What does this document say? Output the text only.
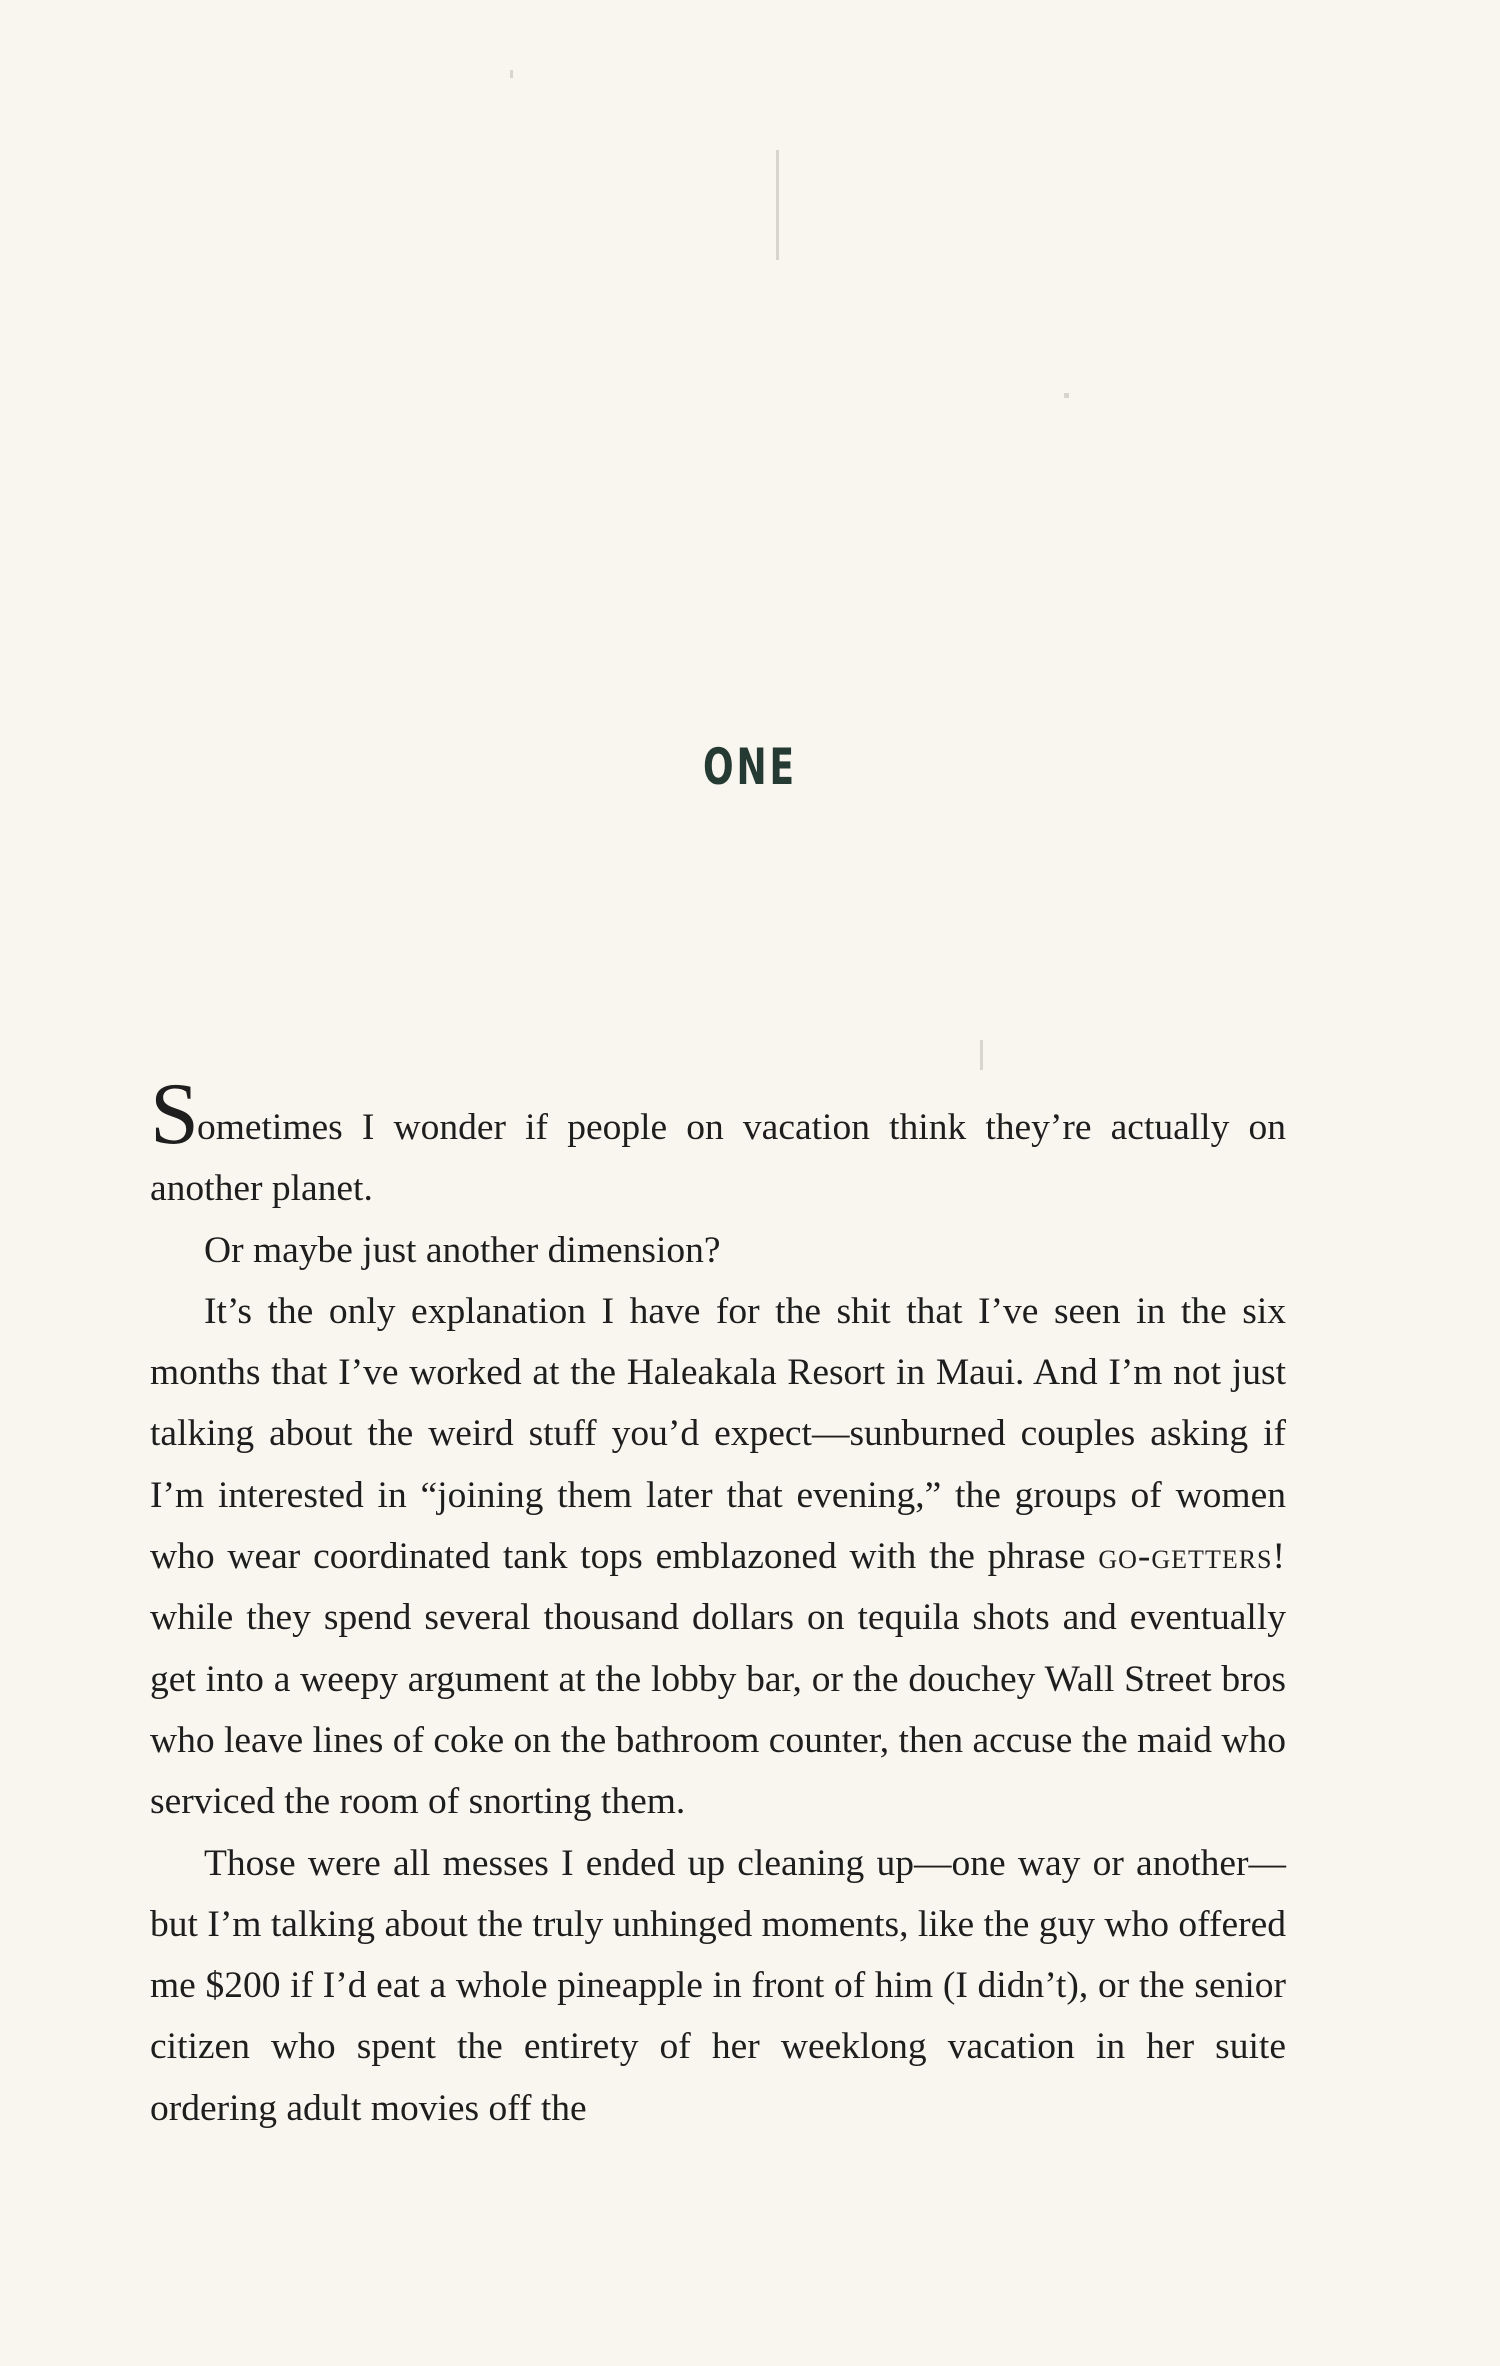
ONE

Sometimes I wonder if people on vacation think they’re actually on another planet.

Or maybe just another dimension?

It’s the only explanation I have for the shit that I’ve seen in the six months that I’ve worked at the Haleakala Resort in Maui. And I’m not just talking about the weird stuff you’d expect—sunburned couples asking if I’m interested in “joining them later that evening,” the groups of women who wear coordinated tank tops emblazoned with the phrase go-getters! while they spend several thousand dollars on tequila shots and eventually get into a weepy argument at the lobby bar, or the douchey Wall Street bros who leave lines of coke on the bathroom counter, then accuse the maid who serviced the room of snorting them.

Those were all messes I ended up cleaning up—one way or another—but I’m talking about the truly unhinged moments, like the guy who offered me $200 if I’d eat a whole pineapple in front of him (I didn’t), or the senior citizen who spent the entirety of her weeklong vacation in her suite ordering adult movies off the
